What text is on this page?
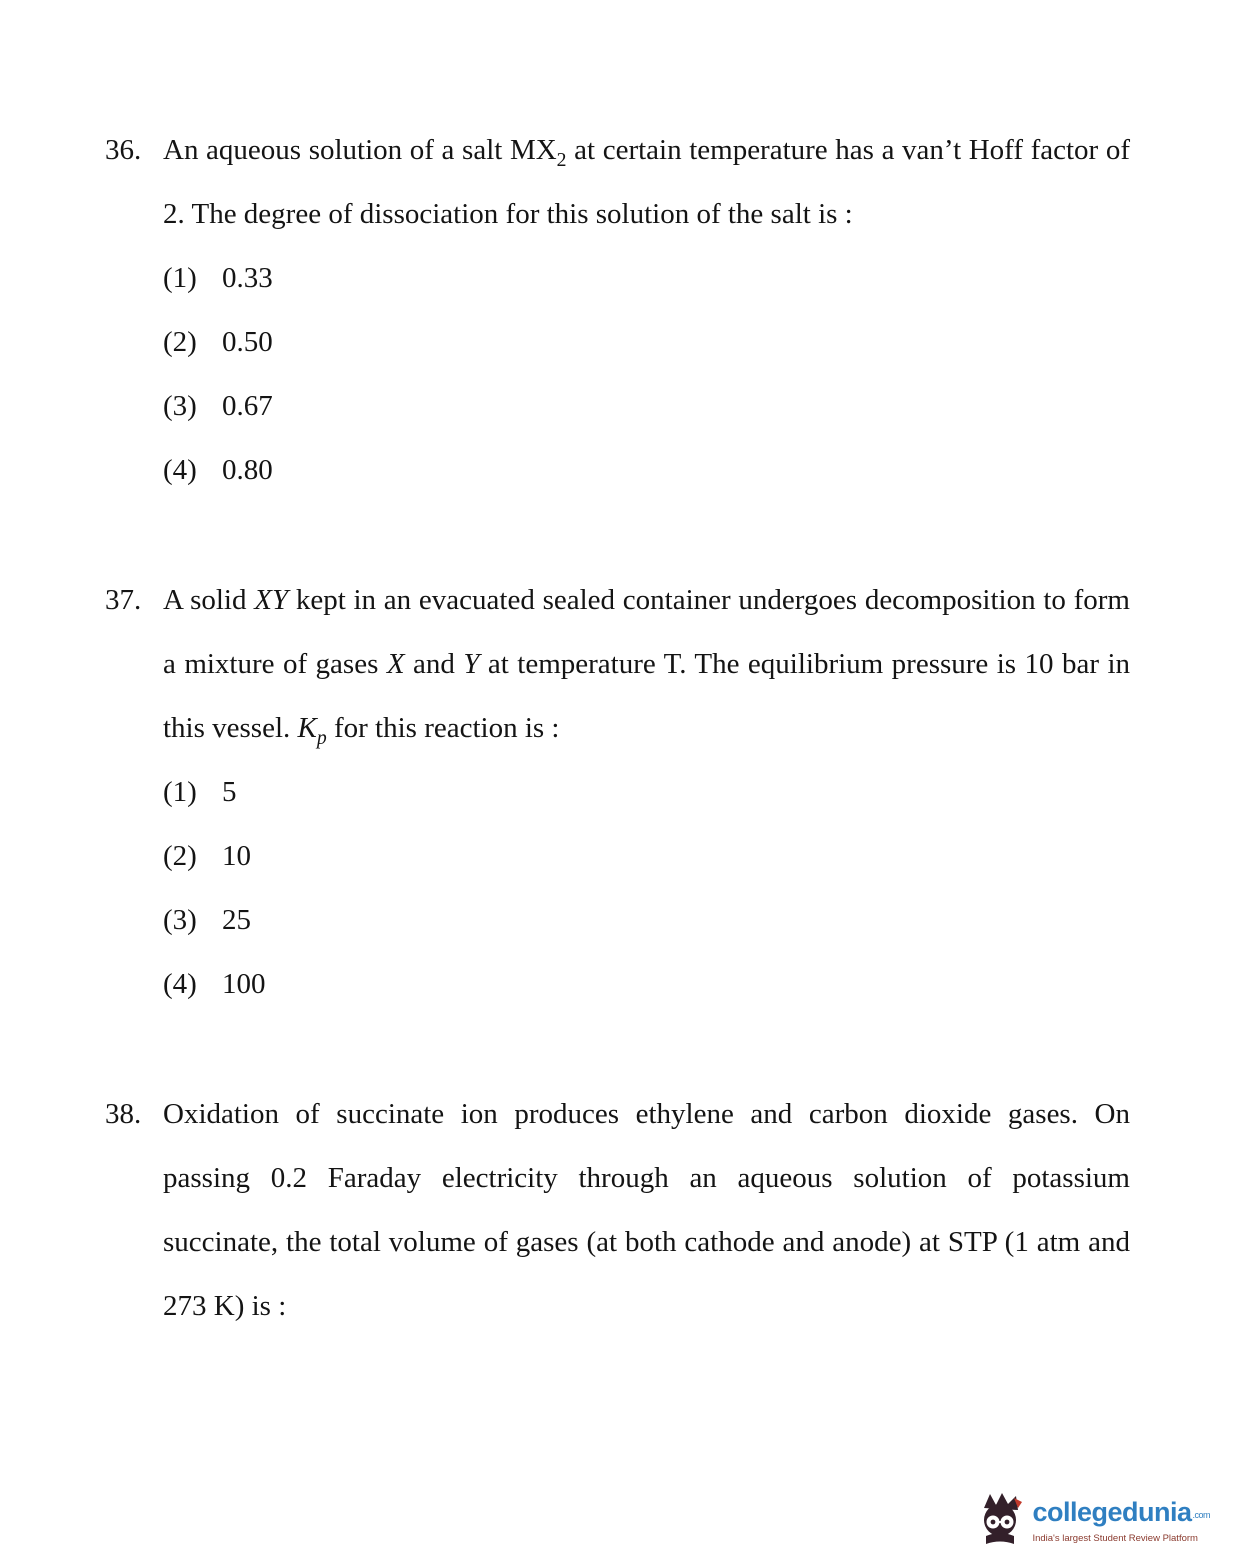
36. An aqueous solution of a salt $MX_2$ at certain temperature has a van’t Hoff factor of 2. The degree of dissociation for this solution of the salt is :

(1) 0.33
(2) 0.50
(3) 0.67
(4) 0.80
37. A solid XY kept in an evacuated sealed container undergoes decomposition to form a mixture of gases X and Y at temperature T. The equilibrium pressure is 10 bar in this vessel. $K_p$ for this reaction is :

(1) 5
(2) 10
(3) 25
(4) 100
38. Oxidation of succinate ion produces ethylene and carbon dioxide gases. On passing 0.2 Faraday electricity through an aqueous solution of potassium succinate, the total volume of gases (at both cathode and anode) at STP (1 atm and 273 K) is :

collegedunia .com
India's largest Student Review Platform
